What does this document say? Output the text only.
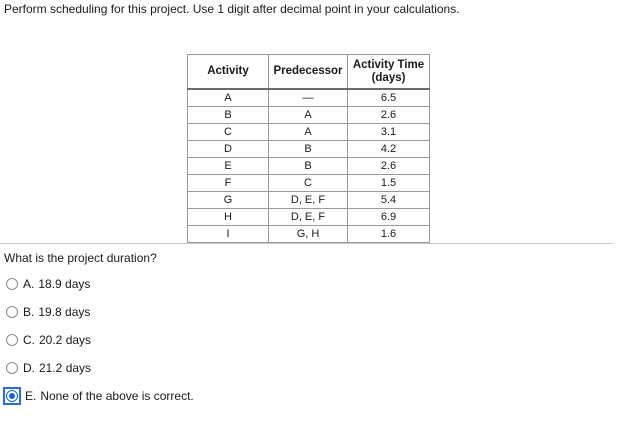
Perform scheduling for this project. Use 1 digit after decimal point in your calculations.
Activity	Predecessor	Activity Time
(days)
A	—	6.5
B	A	2.6
C	A	3.1
D	B	4.2
E	B	2.6
F	C	1.5
G	D, E, F	5.4
H	D, E, F	6.9
I	G, H	1.6
What is the project duration?
A. 18.9 days
B. 19.8 days
C. 20.2 days
D. 21.2 days
E. None of the above is correct.
